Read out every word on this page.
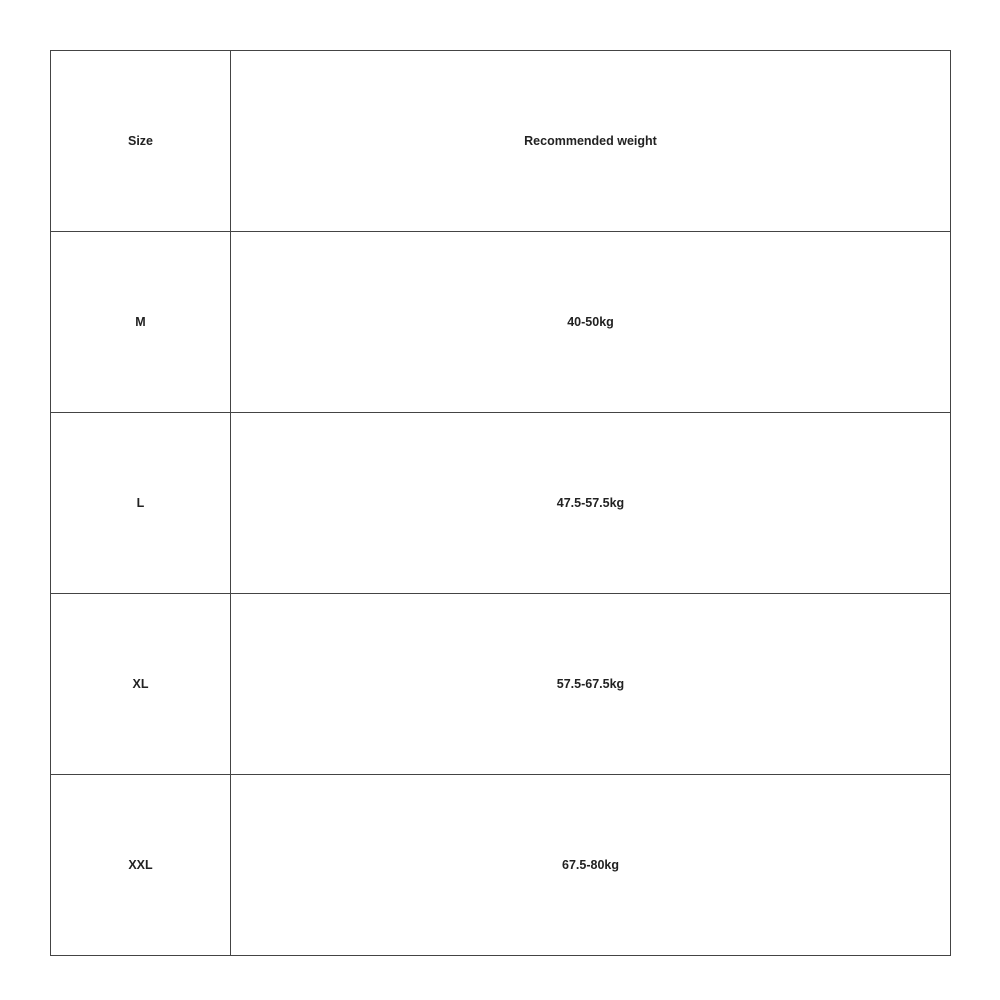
Size	Recommended weight
M	40-50kg
L	47.5-57.5kg
XL	57.5-67.5kg
XXL	67.5-80kg
